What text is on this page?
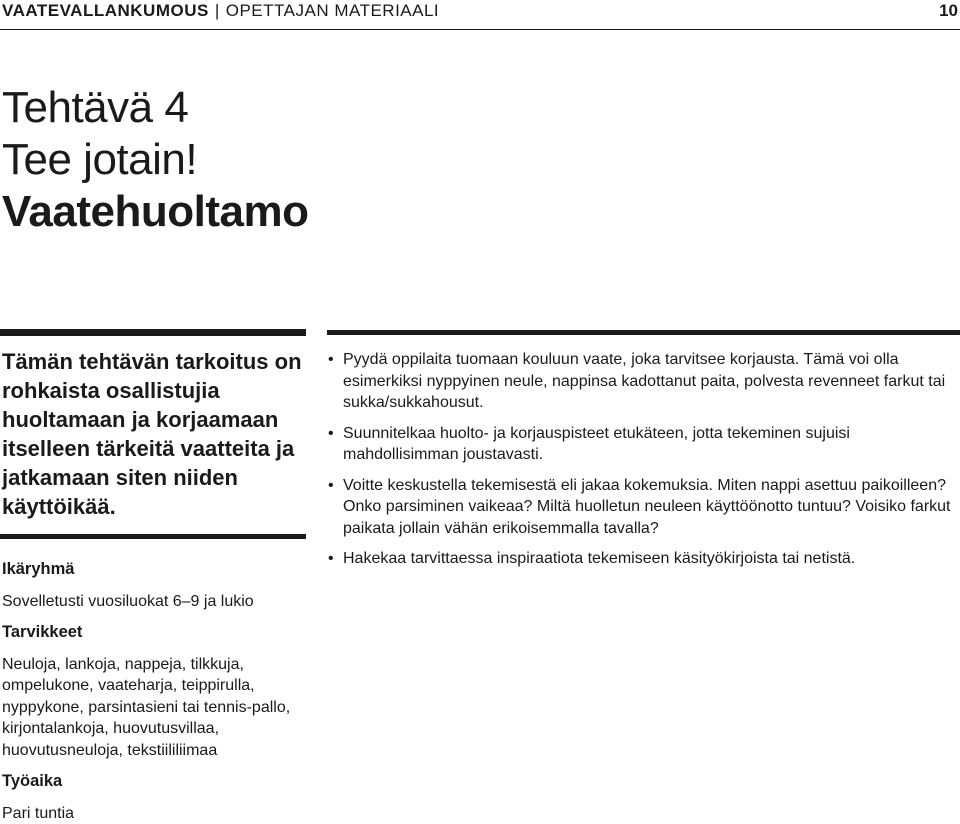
VAATEVALLANKUMOUS | OPETTAJAN MATERIAALI	10
Tehtävä 4
Tee jotain!
Vaatehuoltamo

Tämän tehtävän tarkoitus on rohkaista osallistujia huoltamaan ja korjaamaan itselleen tärkeitä vaatteita ja jatkamaan siten niiden käyttöikää.

Ikäryhmä

Sovelletusti vuosiluokat 6–9 ja lukio

Tarvikkeet

Neuloja, lankoja, nappeja, tilkkuja, ompelukone, vaateharja, teippirulla, nyppykone, parsintasieni tai tennis-pallo, kirjontalankoja, huovutusvillaa, huovutusneuloja, tekstiililiimaa

Työaika

Pari tuntia

• Pyydä oppilaita tuomaan kouluun vaate, joka tarvitsee korjausta. Tämä voi olla esimerkiksi nyppyinen neule, nappinsa kadottanut paita, polvesta revenneet farkut tai sukka/sukkahousut.
• Suunnitelkaa huolto- ja korjauspisteet etukäteen, jotta tekeminen sujuisi mahdollisimman joustavasti.
• Voitte keskustella tekemisestä eli jakaa kokemuksia. Miten nappi asettuu paikoilleen? Onko parsiminen vaikeaa? Miltä huolletun neuleen käyttöönotto tuntuu? Voisiko farkut paikata jollain vähän erikoisemmalla tavalla?
• Hakekaa tarvittaessa inspiraatiota tekemiseen käsityökirjoista tai netistä.
